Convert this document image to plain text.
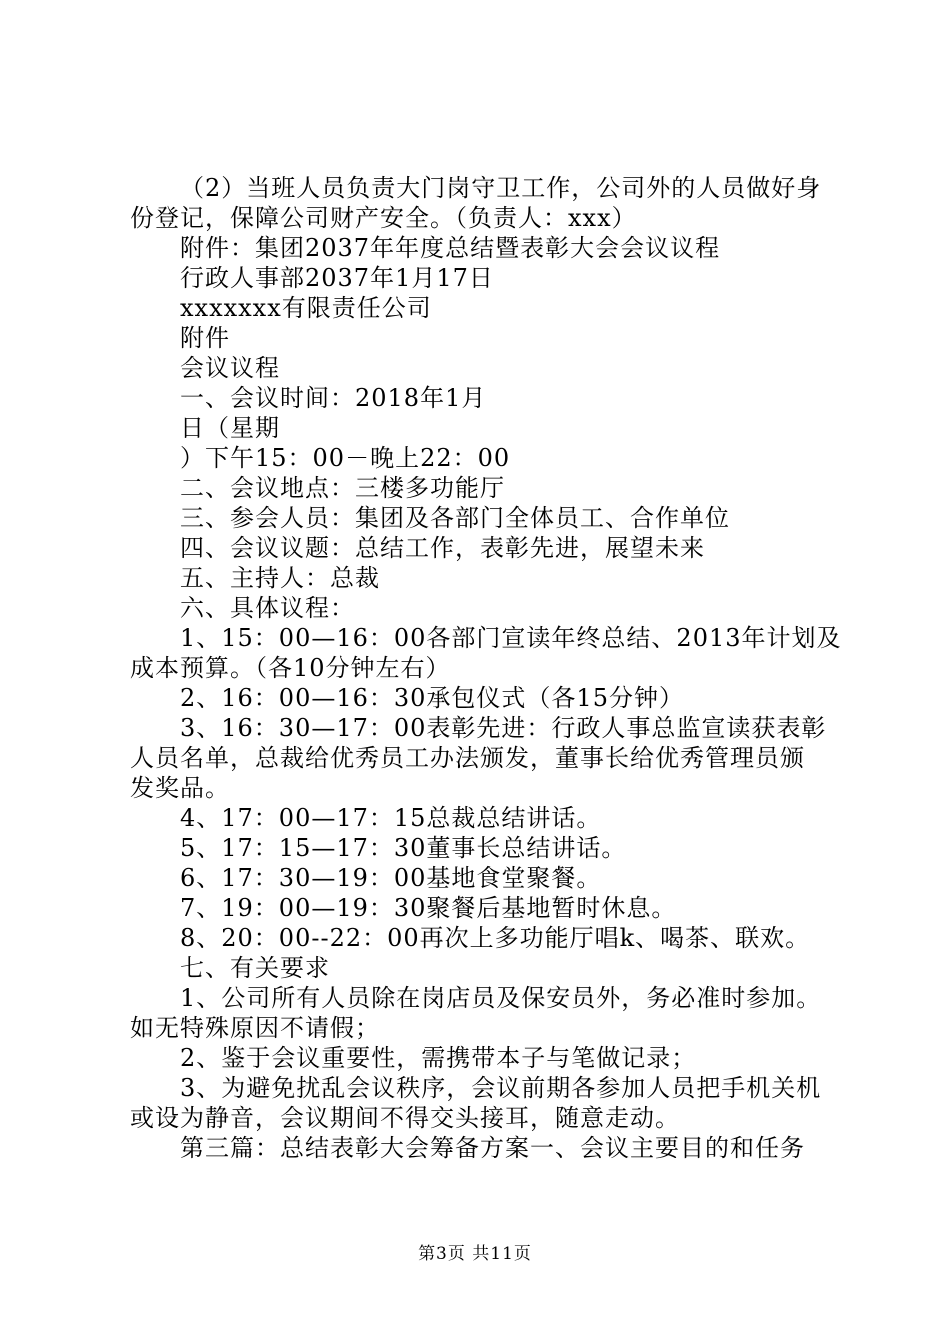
（2）当班人员负责大门岗守卫工作，公司外的人员做好身
份登记，保障公司财产安全。（负责人：xxx）
附件：集团2037年年度总结暨表彰大会会议议程
行政人事部2037年1月17日
xxxxxxx有限责任公司
附件
会议议程
一、会议时间：2018年1月
日（星期
）下午15：00－晚上22：00
二、会议地点：三楼多功能厅
三、参会人员：集团及各部门全体员工、合作单位
四、会议议题：总结工作，表彰先进，展望未来
五、主持人：总裁
六、具体议程：
1、15：00—16：00各部门宣读年终总结、2013年计划及
成本预算。（各10分钟左右）
2、16：00—16：30承包仪式（各15分钟）
3、16：30—17：00表彰先进：行政人事总监宣读获表彰
人员名单，总裁给优秀员工办法颁发，董事长给优秀管理员颁
发奖品。
4、17：00—17：15总裁总结讲话。
5、17：15—17：30董事长总结讲话。
6、17：30—19：00基地食堂聚餐。
7、19：00—19：30聚餐后基地暂时休息。
8、20：00--22：00再次上多功能厅唱k、喝茶、联欢。
七、有关要求
1、公司所有人员除在岗店员及保安员外，务必准时参加。
如无特殊原因不请假；
2、鉴于会议重要性，需携带本子与笔做记录；
3、为避免扰乱会议秩序，会议前期各参加人员把手机关机
或设为静音，会议期间不得交头接耳，随意走动。
第三篇：总结表彰大会筹备方案一、会议主要目的和任务
第3页 共11页
